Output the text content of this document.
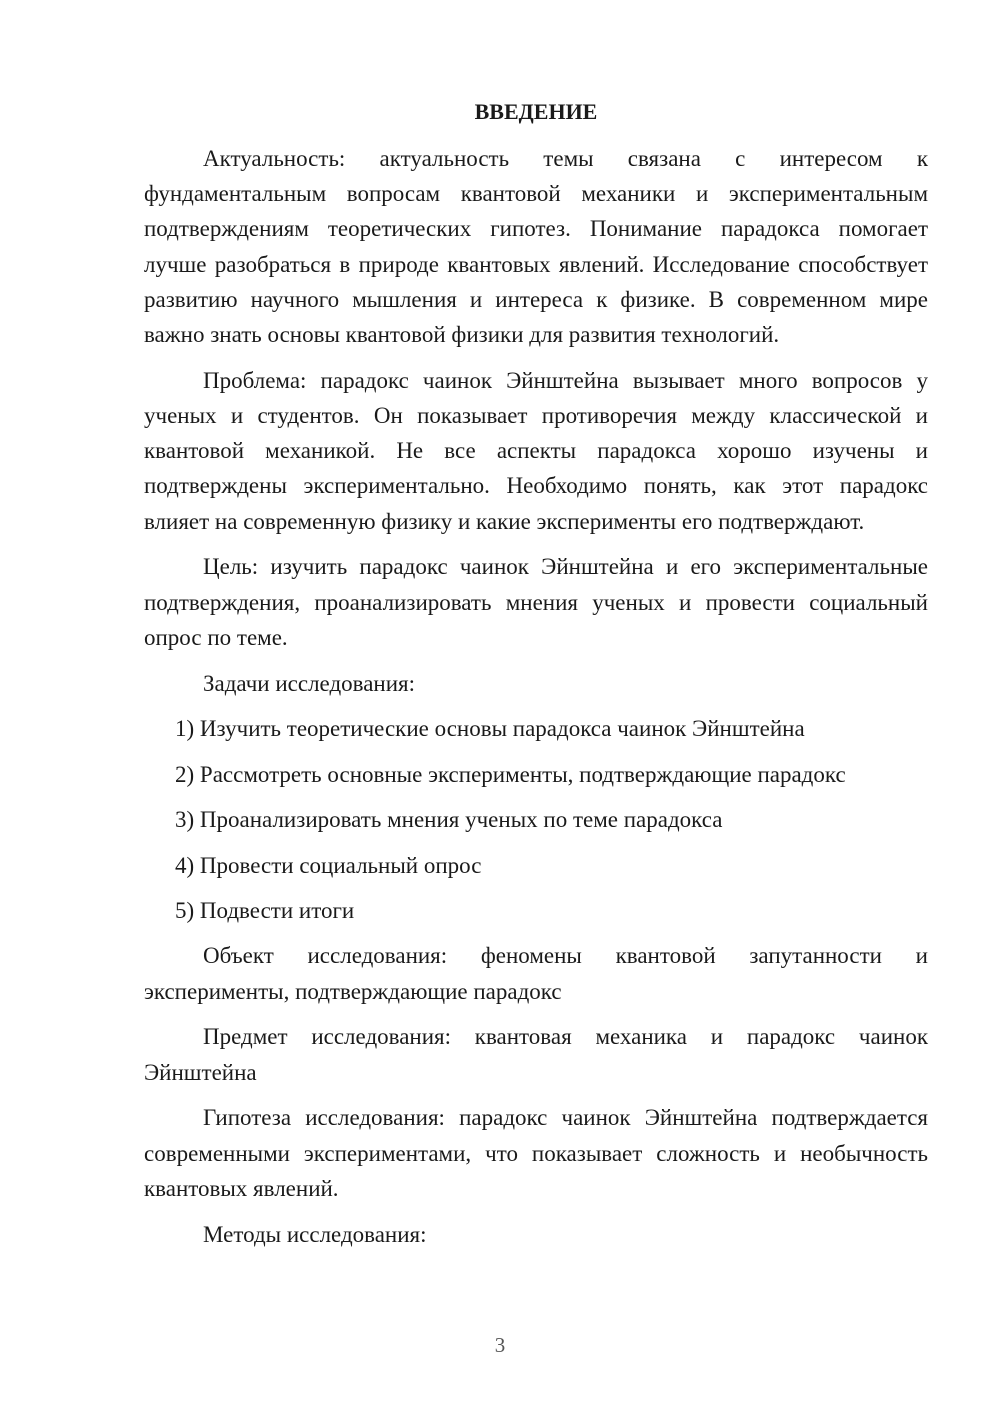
ВВЕДЕНИЕ

Актуальность: актуальность темы связана с интересом к фундаментальным вопросам квантовой механики и экспериментальным подтверждениям теоретических гипотез. Понимание парадокса помогает лучше разобраться в природе квантовых явлений. Исследование способствует развитию научного мышления и интереса к физике. В современном мире важно знать основы квантовой физики для развития технологий.

Проблема: парадокс чаинок Эйнштейна вызывает много вопросов у ученых и студентов. Он показывает противоречия между классической и квантовой механикой. Не все аспекты парадокса хорошо изучены и подтверждены экспериментально. Необходимо понять, как этот парадокс влияет на современную физику и какие эксперименты его подтверждают.

Цель: изучить парадокс чаинок Эйнштейна и его экспериментальные подтверждения, проанализировать мнения ученых и провести социальный опрос по теме.

Задачи исследования:

1) Изучить теоретические основы парадокса чаинок Эйнштейна
2) Рассмотреть основные эксперименты, подтверждающие парадокс
3) Проанализировать мнения ученых по теме парадокса
4) Провести социальный опрос
5) Подвести итоги

Объект исследования: феномены квантовой запутанности и эксперименты, подтверждающие парадокс

Предмет исследования: квантовая механика и парадокс чаинок Эйнштейна

Гипотеза исследования: парадокс чаинок Эйнштейна подтверждается современными экспериментами, что показывает сложность и необычность квантовых явлений.

Методы исследования:

3
